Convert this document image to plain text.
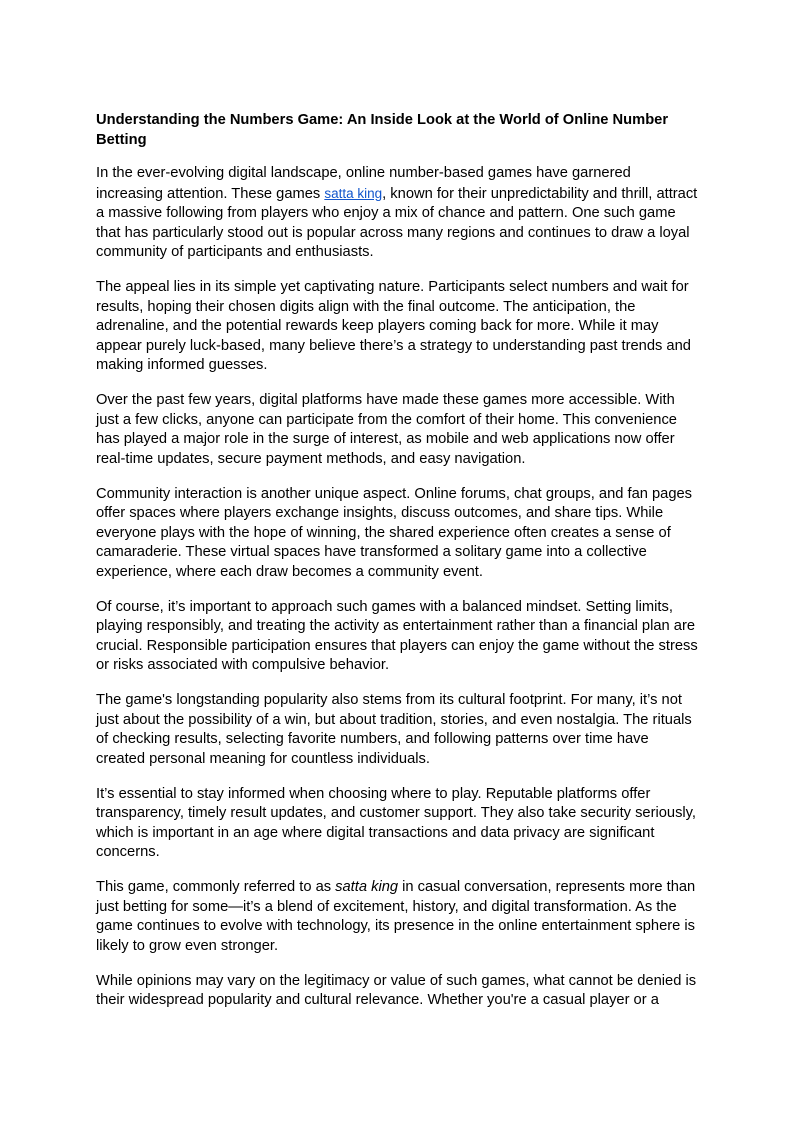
Understanding the Numbers Game: An Inside Look at the World of Online Number Betting

In the ever-evolving digital landscape, online number-based games have garnered increasing attention. These games satta king, known for their unpredictability and thrill, attract a massive following from players who enjoy a mix of chance and pattern. One such game that has particularly stood out is popular across many regions and continues to draw a loyal community of participants and enthusiasts.

The appeal lies in its simple yet captivating nature. Participants select numbers and wait for results, hoping their chosen digits align with the final outcome. The anticipation, the adrenaline, and the potential rewards keep players coming back for more. While it may appear purely luck-based, many believe there’s a strategy to understanding past trends and making informed guesses.

Over the past few years, digital platforms have made these games more accessible. With just a few clicks, anyone can participate from the comfort of their home. This convenience has played a major role in the surge of interest, as mobile and web applications now offer real-time updates, secure payment methods, and easy navigation.

Community interaction is another unique aspect. Online forums, chat groups, and fan pages offer spaces where players exchange insights, discuss outcomes, and share tips. While everyone plays with the hope of winning, the shared experience often creates a sense of camaraderie. These virtual spaces have transformed a solitary game into a collective experience, where each draw becomes a community event.

Of course, it’s important to approach such games with a balanced mindset. Setting limits, playing responsibly, and treating the activity as entertainment rather than a financial plan are crucial. Responsible participation ensures that players can enjoy the game without the stress or risks associated with compulsive behavior.

The game's longstanding popularity also stems from its cultural footprint. For many, it’s not just about the possibility of a win, but about tradition, stories, and even nostalgia. The rituals of checking results, selecting favorite numbers, and following patterns over time have created personal meaning for countless individuals.

It’s essential to stay informed when choosing where to play. Reputable platforms offer transparency, timely result updates, and customer support. They also take security seriously, which is important in an age where digital transactions and data privacy are significant concerns.

This game, commonly referred to as satta king in casual conversation, represents more than just betting for some—it’s a blend of excitement, history, and digital transformation. As the game continues to evolve with technology, its presence in the online entertainment sphere is likely to grow even stronger.

While opinions may vary on the legitimacy or value of such games, what cannot be denied is their widespread popularity and cultural relevance. Whether you're a casual player or a
